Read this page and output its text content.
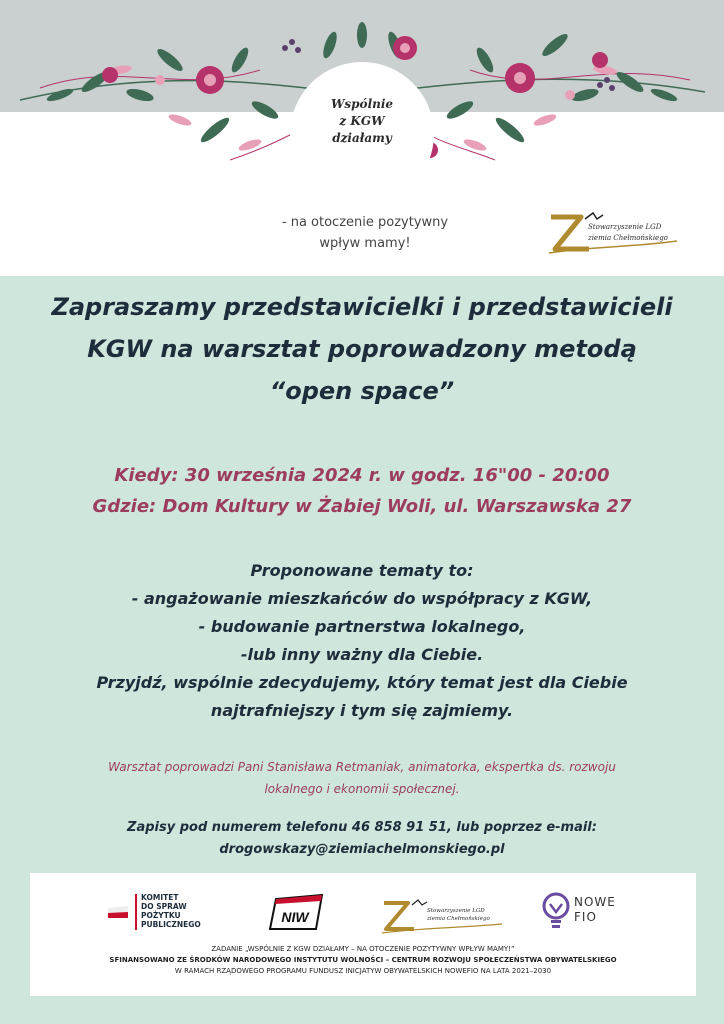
Wspólnie
z KGW
działamy
- na otoczenie pozytywny
wpływ mamy!
Stowarzyszenie LGD
ziemia Chełmońskiego
Zapraszamy przedstawicielki i przedstawicieli
KGW na warsztat poprowadzony metodą
“open space”
Kiedy: 30 września 2024 r. w godz. 16"00 - 20:00
Gdzie: Dom Kultury w Żabiej Woli, ul. Warszawska 27
Proponowane tematy to:
- angażowanie mieszkańców do współpracy z KGW,
- budowanie partnerstwa lokalnego,
-lub inny ważny dla Ciebie.
Przyjdź, wspólnie zdecydujemy, który temat jest dla Ciebie
najtrafniejszy i tym się zajmiemy.
Warsztat poprowadzi Pani Stanisława Retmaniak, animatorka, ekspertka ds. rozwoju
lokalnego i ekonomii społecznej.
Zapisy pod numerem telefonu 46 858 91 51, lub poprzez e-mail:
drogowskazy@ziemiachelmonskiego.pl
KOMITET
DO SPRAW
POŻYTKU
PUBLICZNEGO	NIW	Stowarzyszenie LGD
ziemia Chełmońskiego
NOWE
FIO
ZADANIE „WSPÓLNIE Z KGW DZIAŁAMY – NA OTOCZENIE POZYTYWNY WPŁYW MAMY!”
SFINANSOWANO ZE ŚRODKÓW NARODOWEGO INSTYTUTU WOLNOŚCI – CENTRUM ROZWOJU SPOŁECZEŃSTWA OBYWATELSKIEGO
W RAMACH RZĄDOWEGO PROGRAMU FUNDUSZ INICJATYW OBYWATELSKICH NOWEFIO NA LATA 2021–2030
